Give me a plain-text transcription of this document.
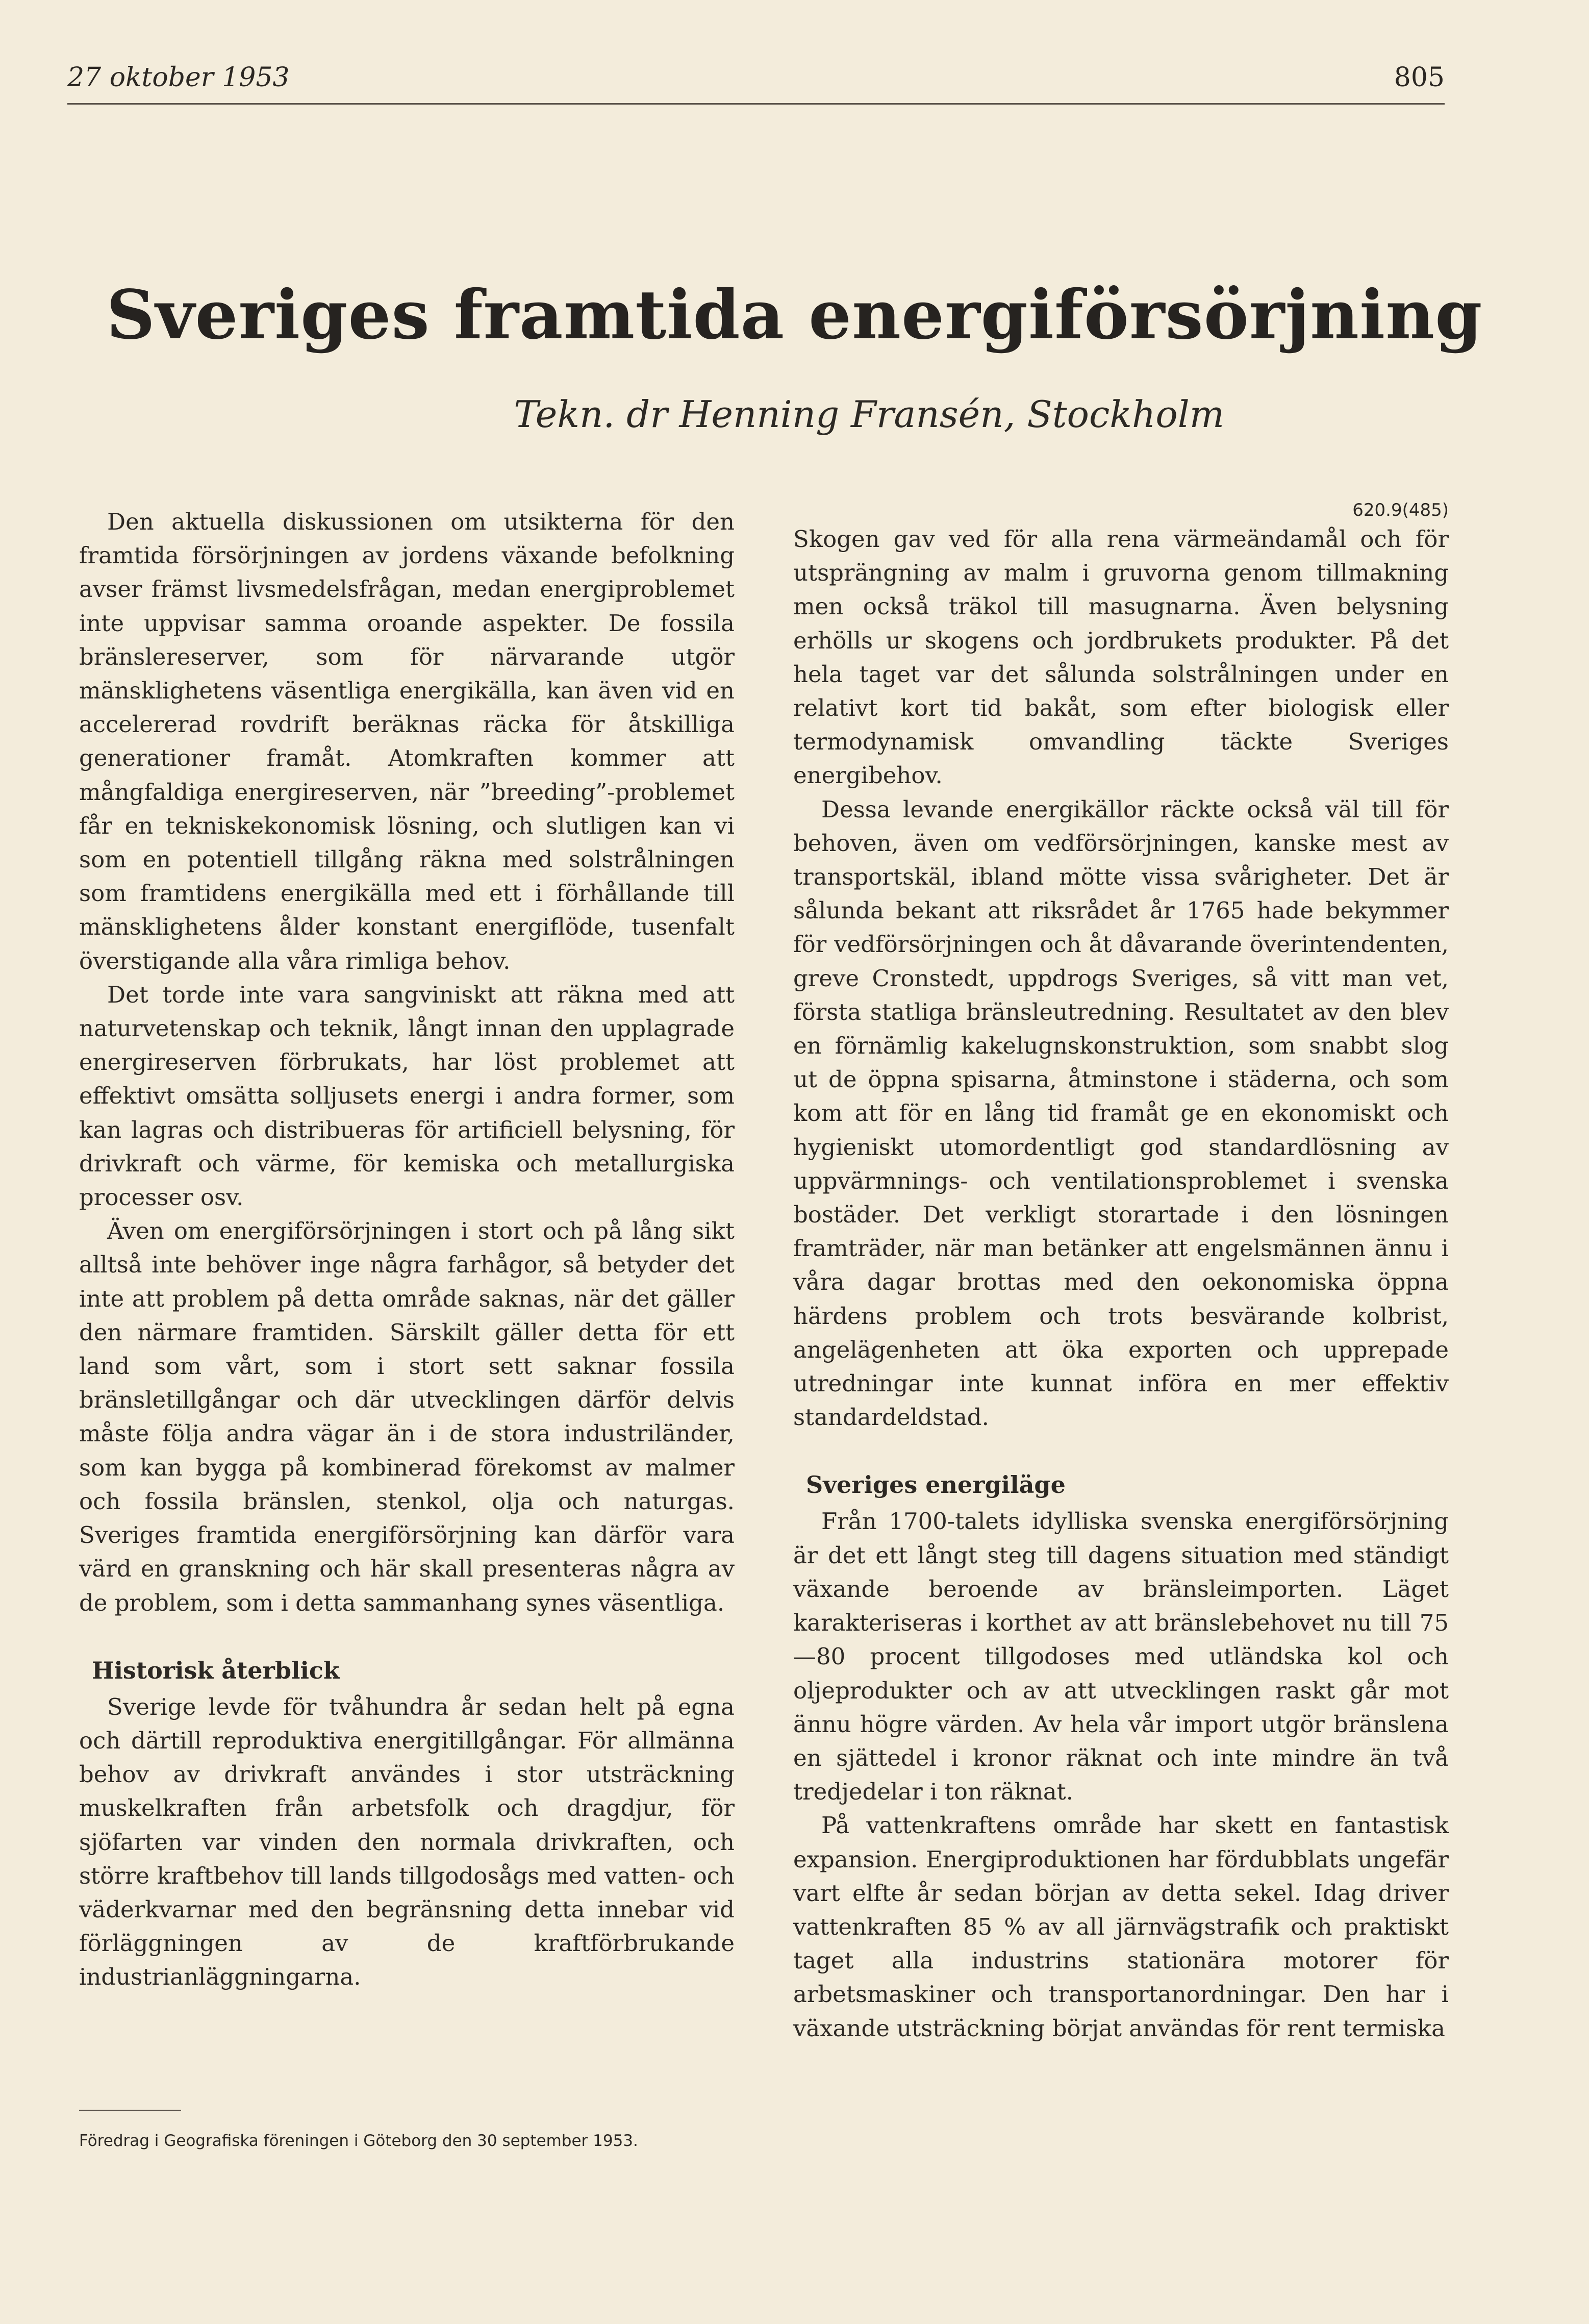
27 oktober 1953	805
Sveriges framtida energiförsörjning
Tekn. dr Henning Fransén, Stockholm

Den aktuella diskussionen om utsikterna för den framtida försörjningen av jordens växande befolkning avser främst livsmedelsfrågan, medan energiproblemet inte uppvisar samma oroande aspekter. De fossila bränslereserver, som för närvarande utgör mänsklighetens väsentliga energikälla, kan även vid en accelererad rovdrift beräknas räcka för åtskilliga generationer framåt. Atomkraften kommer att mångfaldiga energireserven, när ”breeding”-problemet får en tekniskekonomisk lösning, och slutligen kan vi som en potentiell tillgång räkna med solstrålningen som framtidens energikälla med ett i förhållande till mänsklighetens ålder konstant energiflöde, tusenfalt överstigande alla våra rimliga behov.

Det torde inte vara sangviniskt att räkna med att naturvetenskap och teknik, långt innan den upplagrade energireserven förbrukats, har löst problemet att effektivt omsätta solljusets energi i andra former, som kan lagras och distribueras för artificiell belysning, för drivkraft och värme, för kemiska och metallurgiska processer osv.

Även om energiförsörjningen i stort och på lång sikt alltså inte behöver inge några farhågor, så betyder det inte att problem på detta område saknas, när det gäller den närmare framtiden. Särskilt gäller detta för ett land som vårt, som i stort sett saknar fossila bränsletillgångar och där utvecklingen därför delvis måste följa andra vägar än i de stora industriländer, som kan bygga på kombinerad förekomst av malmer och fossila bränslen, stenkol, olja och naturgas. Sveriges framtida energiförsörjning kan därför vara värd en granskning och här skall presenteras några av de problem, som i detta sammanhang synes väsentliga.

Historisk återblick

Sverige levde för tvåhundra år sedan helt på egna och därtill reproduktiva energitillgångar. För allmänna behov av drivkraft användes i stor utsträckning muskelkraften från arbetsfolk och dragdjur, för sjöfarten var vinden den normala drivkraften, och större kraftbehov till lands tillgodosågs med vatten- och väderkvarnar med den begränsning detta innebar vid förläggningen av de kraftförbrukande industrianläggningarna.

620.9(485)

Skogen gav ved för alla rena värmeändamål och för utsprängning av malm i gruvorna genom tillmakning men också träkol till masugnarna. Även belysning erhölls ur skogens och jordbrukets produkter. På det hela taget var det sålunda solstrålningen under en relativt kort tid bakåt, som efter biologisk eller termodynamisk omvandling täckte Sveriges energibehov.

Dessa levande energikällor räckte också väl till för behoven, även om vedförsörjningen, kanske mest av transportskäl, ibland mötte vissa svårigheter. Det är sålunda bekant att riksrådet år 1765 hade bekymmer för vedförsörjningen och åt dåvarande överintendenten, greve Cronstedt, uppdrogs Sveriges, så vitt man vet, första statliga bränsleutredning. Resultatet av den blev en förnämlig kakelugnskonstruktion, som snabbt slog ut de öppna spisarna, åtminstone i städerna, och som kom att för en lång tid framåt ge en ekonomiskt och hygieniskt utomordentligt god standardlösning av uppvärmnings- och ventilationsproblemet i svenska bostäder. Det verkligt storartade i den lösningen framträder, när man betänker att engelsmännen ännu i våra dagar brottas med den oekonomiska öppna härdens problem och trots besvärande kolbrist, angelägenheten att öka exporten och upprepade utredningar inte kunnat införa en mer effektiv standardeldstad.

Sveriges energiläge

Från 1700-talets idylliska svenska energiförsörjning är det ett långt steg till dagens situation med ständigt växande beroende av bränsleimporten. Läget karakteriseras i korthet av att bränslebehovet nu till 75—80 procent tillgodoses med utländska kol och oljeprodukter och av att utvecklingen raskt går mot ännu högre värden. Av hela vår import utgör bränslena en sjättedel i kronor räknat och inte mindre än två tredjedelar i ton räknat.

På vattenkraftens område har skett en fantastisk expansion. Energiproduktionen har fördubblats ungefär vart elfte år sedan början av detta sekel. Idag driver vattenkraften 85 % av all järnvägstrafik och praktiskt taget alla industrins stationära motorer för arbetsmaskiner och transportanordningar. Den har i växande utsträckning börjat användas för rent termiska

Föredrag i Geografiska föreningen i Göteborg den 30 september 1953.
